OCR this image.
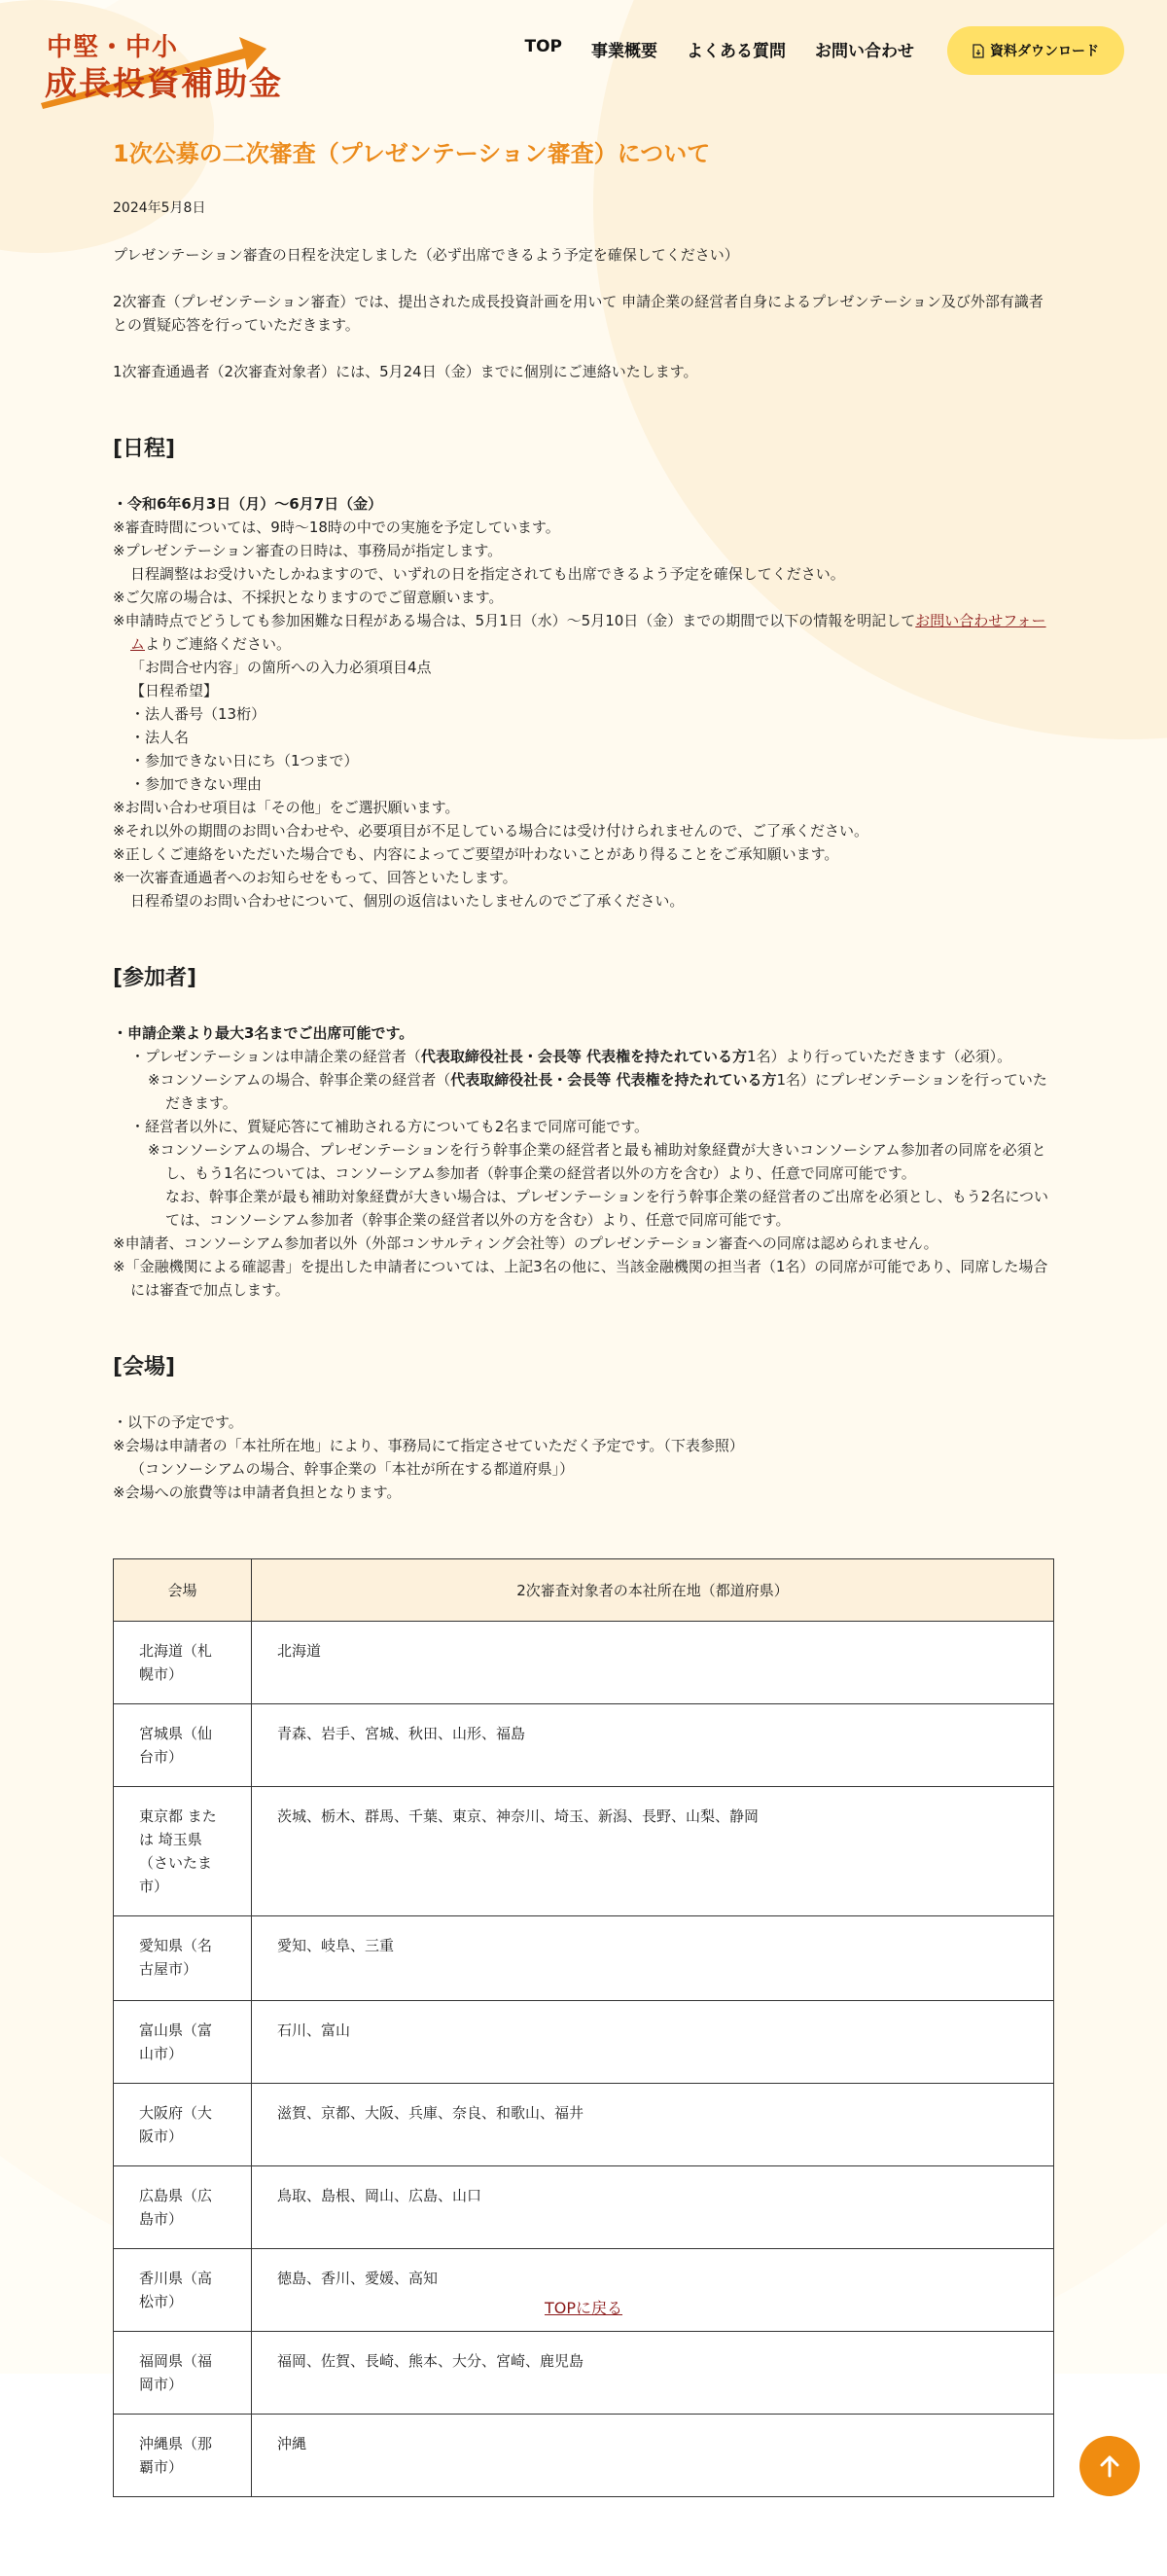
中堅・中小
成長投資補助金
TOP 事業概要 よくある質問 お問い合わせ	資料ダウンロード
1次公募の二次審査（プレゼンテーション審査）について
2024年5月8日

プレゼンテーション審査の日程を決定しました（必ず出席できるよう予定を確保してください）

2次審査（プレゼンテーション審査）では、提出された成長投資計画を用いて 申請企業の経営者自身によるプレゼンテーション及び外部有識者との質疑応答を行っていただきます。

1次審査通過者（2次審査対象者）には、5月24日（金）までに個別にご連絡いたします。

[日程]
・令和6年6月3日（月）～6月7日（金）
※審査時間については、9時～18時の中での実施を予定しています。
※プレゼンテーション審査の日時は、事務局が指定します。
日程調整はお受けいたしかねますので、いずれの日を指定されても出席できるよう予定を確保してください。
※ご欠席の場合は、不採択となりますのでご留意願います。
※申請時点でどうしても参加困難な日程がある場合は、5月1日（水）～5月10日（金）までの期間で以下の情報を明記してお問い合わせフォームよりご連絡ください。
「お問合せ内容」の箇所への入力必須項目4点
【日程希望】
・法人番号（13桁）
・法人名
・参加できない日にち（1つまで）
・参加できない理由
※お問い合わせ項目は「その他」をご選択願います。
※それ以外の期間のお問い合わせや、必要項目が不足している場合には受け付けられませんので、ご了承ください。
※正しくご連絡をいただいた場合でも、内容によってご要望が叶わないことがあり得ることをご承知願います。
※一次審査通過者へのお知らせをもって、回答といたします。
日程希望のお問い合わせについて、個別の返信はいたしませんのでご了承ください。
[参加者]
・申請企業より最大3名までご出席可能です。
・プレゼンテーションは申請企業の経営者（代表取締役社長・会長等 代表権を持たれている方1名）より行っていただきます（必須）。
※コンソーシアムの場合、幹事企業の経営者（代表取締役社長・会長等 代表権を持たれている方1名）にプレゼンテーションを行っていただきます。
・経営者以外に、質疑応答にて補助される方についても2名まで同席可能です。
※コンソーシアムの場合、プレゼンテーションを行う幹事企業の経営者と最も補助対象経費が大きいコンソーシアム参加者の同席を必須とし、もう1名については、コンソーシアム参加者（幹事企業の経営者以外の方を含む）より、任意で同席可能です。
なお、幹事企業が最も補助対象経費が大きい場合は、プレゼンテーションを行う幹事企業の経営者のご出席を必須とし、もう2名については、コンソーシアム参加者（幹事企業の経営者以外の方を含む）より、任意で同席可能です。
※申請者、コンソーシアム参加者以外（外部コンサルティング会社等）のプレゼンテーション審査への同席は認められません。
※「金融機関による確認書」を提出した申請者については、上記3名の他に、当該金融機関の担当者（1名）の同席が可能であり、同席した場合には審査で加点します。
[会場]
・以下の予定です。
※会場は申請者の「本社所在地」により、事務局にて指定させていただく予定です。（下表参照）
（コンソーシアムの場合、幹事企業の「本社が所在する都道府県」）
※会場への旅費等は申請者負担となります。
会場	2次審査対象者の本社所在地（都道府県）
北海道（札幌市）	北海道
宮城県（仙台市）	青森、岩手、宮城、秋田、山形、福島
東京都 または 埼玉県（さいたま市）	茨城、栃木、群馬、千葉、東京、神奈川、埼玉、新潟、長野、山梨、静岡
愛知県（名古屋市）	愛知、岐阜、三重
富山県（富山市）	石川、富山
大阪府（大阪市）	滋賀、京都、大阪、兵庫、奈良、和歌山、福井
広島県（広島市）	鳥取、島根、岡山、広島、山口
香川県（高松市）	徳島、香川、愛媛、高知
福岡県（福岡市）	福岡、佐賀、長崎、熊本、大分、宮崎、鹿児島
沖縄県（那覇市）	沖縄
TOPに戻る
